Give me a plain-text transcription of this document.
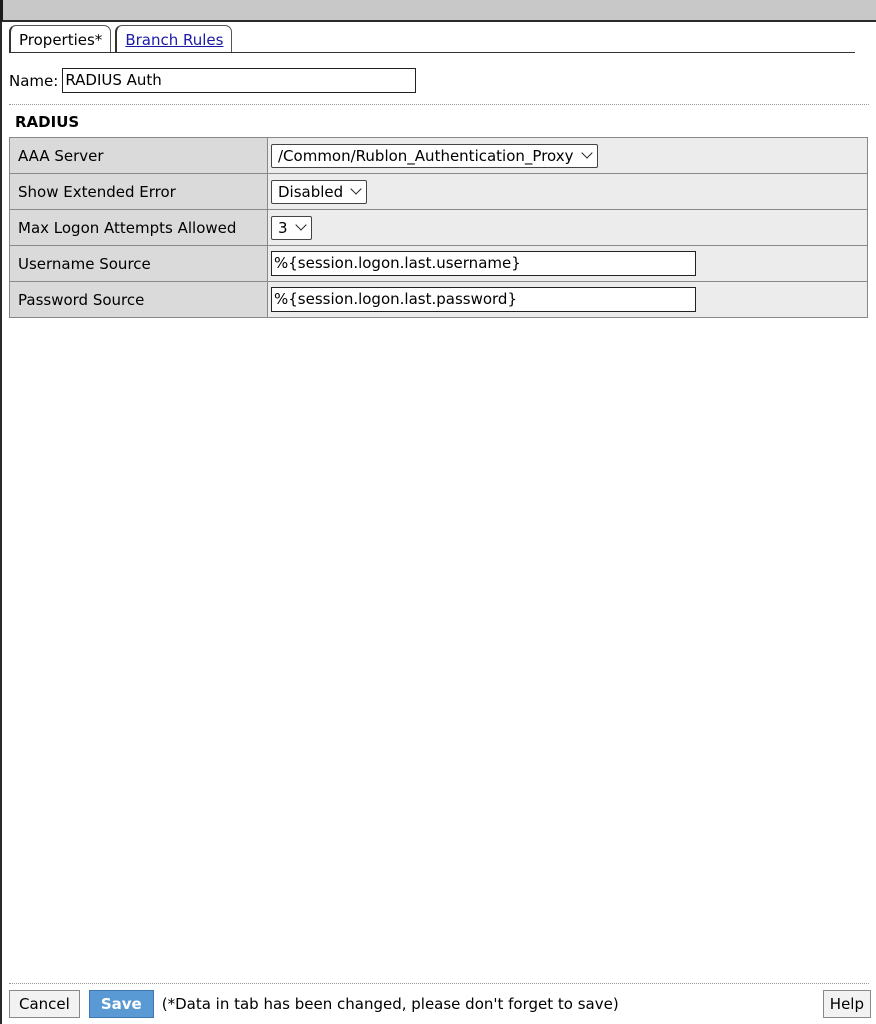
Properties* Branch Rules
Name: RADIUS Auth
RADIUS
AAA Server	/Common/Rublon_Authentication_Proxy

Show Extended Error	Disabled

Max Logon Attempts Allowed	3

Username Source	%{session.logon.last.username}
Password Source	%{session.logon.last.password}
Cancel	Save	(*Data in tab has been changed, please don't forget to save)	Help
